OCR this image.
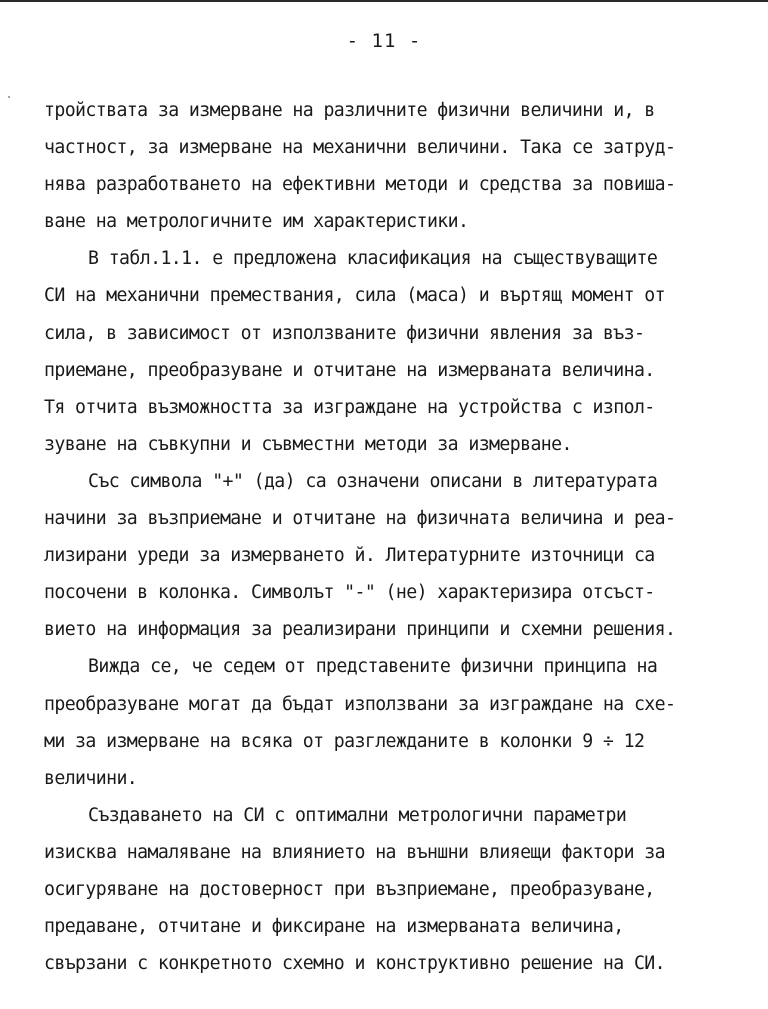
- 11 -
тройствата за измерване на различните физични величини и, в
частност, за измерване на механични величини. Така се затруд-
нява разработването на ефективни методи и средства за повиша-
ване на метрологичните им характеристики.
В табл.1.1. е предложена класификация на съществуващите
СИ на механични премествания, сила (маса) и въртящ момент от
сила, в зависимост от използваните физични явления за въз-
приемане, преобразуване и отчитане на измерваната величина.
Тя отчита възможността за изграждане на устройства с изпол-
зуване на съвкупни и съвместни методи за измерване.
Със символа "+" (да) са означени описани в литературата
начини за възприемане и отчитане на физичната величина и реа-
лизирани уреди за измерването й. Литературните източници са
посочени в колонка. Символът "-" (не) характеризира отсъст-
вието на информация за реализирани принципи и схемни решения.
Вижда се, че седем от представените физични принципа на
преобразуване могат да бъдат използвани за изграждане на схе-
ми за измерване на всяка от разглежданите в колонки 9 ÷ 12
величини.
Създаването на СИ с оптимални метрологични параметри
изисква намаляване на влиянието на външни влияещи фактори за
осигуряване на достоверност при възприемане, преобразуване,
предаване, отчитане и фиксиране на измерваната величина,
свързани с конкретното схемно и конструктивно решение на СИ.
